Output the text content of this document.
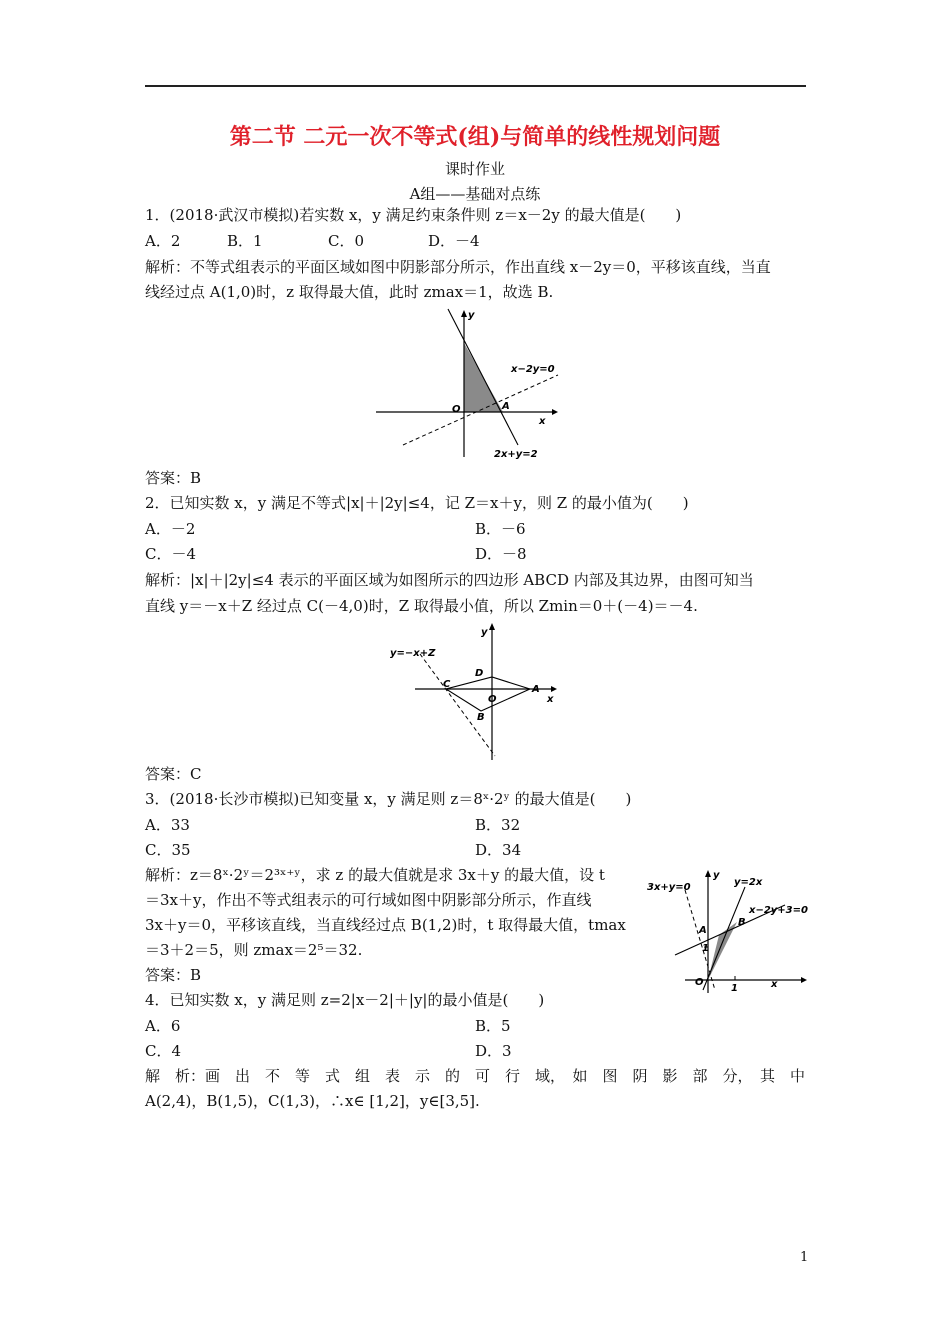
第二节 二元一次不等式(组)与简单的线性规划问题
课时作业
A组——基础对点练
1．(2018·武汉市模拟)若实数 x，y 满足约束条件则 z＝x－2y 的最大值是(　　)
A．2	B．1	C．0	D．－4
解析：不等式组表示的平面区域如图中阴影部分所示，作出直线 x－2y＝0，平移该直线，当直
线经过点 A(1,0)时，z 取得最大值，此时 zmax＝1，故选 B.
y
x
O	A
x−2y=0
2x+y=2
答案：B
2．已知实数 x，y 满足不等式|x|＋|2y|≤4，记 Z＝x＋y，则 Z 的最小值为(　　)
A．－2	B．－6
C．－4	D．－8
解析：|x|＋|2y|≤4 表示的平面区域为如图所示的四边形 ABCD 内部及其边界，由图可知当
直线 y＝－x＋Z 经过点 C(－4,0)时，Z 取得最小值，所以 Zmin＝0＋(－4)＝－4.
y
x
O
A
B
C
D
y=−x+Z
答案：C
3．(2018·长沙市模拟)已知变量 x，y 满足则 z＝8ˣ·2ʸ 的最大值是(　　)
A．33	B．32
C．35	D．34
解析：z＝8ˣ·2ʸ＝2³ˣ⁺ʸ，求 z 的最大值就是求 3x＋y 的最大值，设 t
＝3x＋y，作出不等式组表示的可行域如图中阴影部分所示，作直线
3x＋y＝0，平移该直线，当直线经过点 B(1,2)时，t 取得最大值，tmax
＝3＋2＝5，则 zmax＝2⁵＝32.
答案：B
y
x
O
A
B
1
1
3x+y=0	y=2x
x−2y+3=0
4．已知实数 x，y 满足则 z=2|x－2|＋|y|的最小值是(　　)
A．6	B．5
C．4	D．3
解　析：画　出　不　等　式　组　表　示　的　可　行　域，　如　图　阴　影　部　分，　其　中
A(2,4)，B(1,5)，C(1,3)，∴x∈ [1,2]，y∈[3,5].
1
